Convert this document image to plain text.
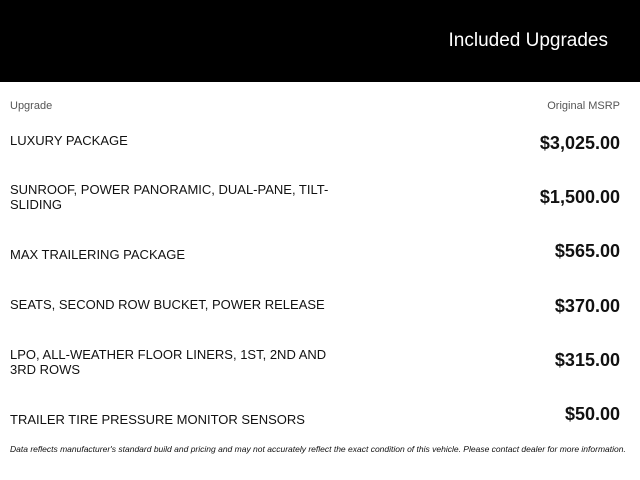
Included Upgrades
Upgrade	Original MSRP
LUXURY PACKAGE	$3,025.00
SUNROOF, POWER PANORAMIC, DUAL-PANE, TILT-SLIDING	$1,500.00
MAX TRAILERING PACKAGE	$565.00
SEATS, SECOND ROW BUCKET, POWER RELEASE	$370.00
LPO, ALL-WEATHER FLOOR LINERS, 1ST, 2ND AND 3RD ROWS	$315.00
TRAILER TIRE PRESSURE MONITOR SENSORS	$50.00
Data reflects manufacturer's standard build and pricing and may not accurately reflect the exact condition of this vehicle. Please contact dealer for more information.
